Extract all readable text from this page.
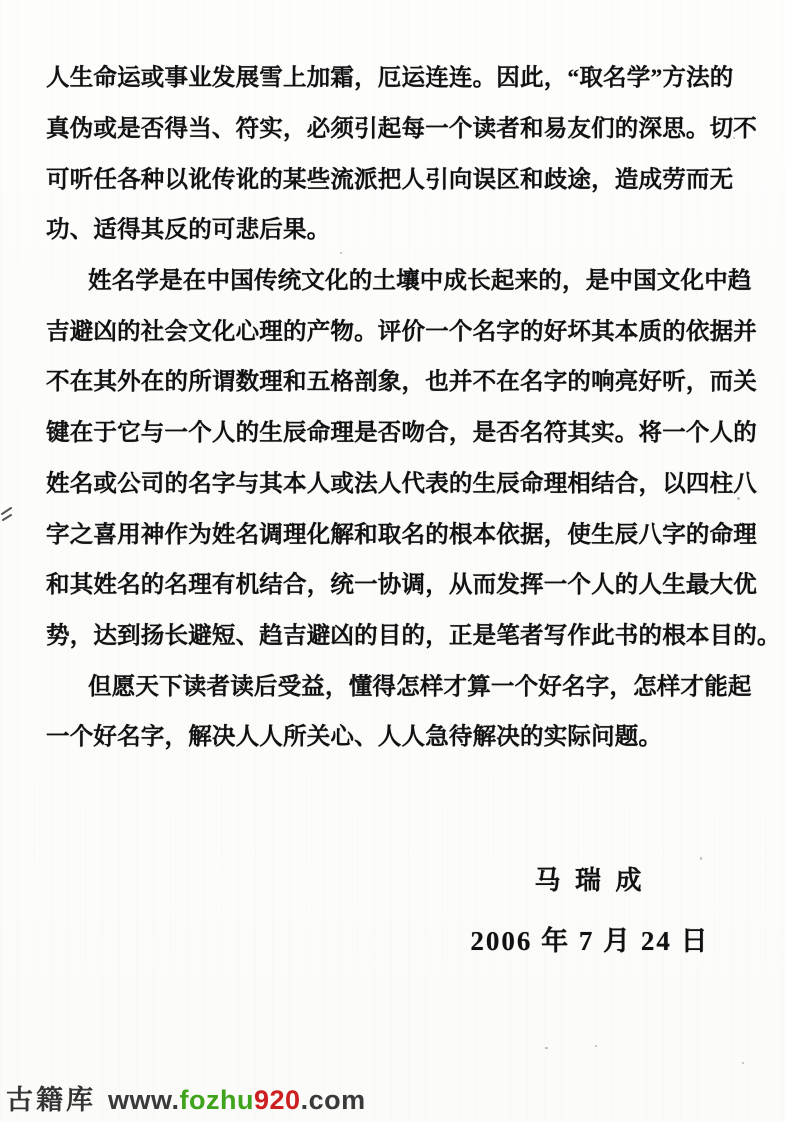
人生命运或事业发展雪上加霜，厄运连连。因此，“取名学”方法的
真伪或是否得当、符实，必须引起每一个读者和易友们的深思。切不
可听任各种以讹传讹的某些流派把人引向误区和歧途，造成劳而无
功、适得其反的可悲后果。
姓名学是在中国传统文化的土壤中成长起来的，是中国文化中趋
吉避凶的社会文化心理的产物。评价一个名字的好坏其本质的依据并
不在其外在的所谓数理和五格剖象，也并不在名字的响亮好听，而关
键在于它与一个人的生辰命理是否吻合，是否名符其实。将一个人的
姓名或公司的名字与其本人或法人代表的生辰命理相结合，以四柱八
字之喜用神作为姓名调理化解和取名的根本依据，使生辰八字的命理
和其姓名的名理有机结合，统一协调，从而发挥一个人的人生最大优
势，达到扬长避短、趋吉避凶的目的，正是笔者写作此书的根本目的。
但愿天下读者读后受益，懂得怎样才算一个好名字，怎样才能起
一个好名字，解决人人所关心、人人急待解决的实际问题。
马 瑞 成
2006 年 7 月 24 日
古籍库 www. fozhu 920 .com
